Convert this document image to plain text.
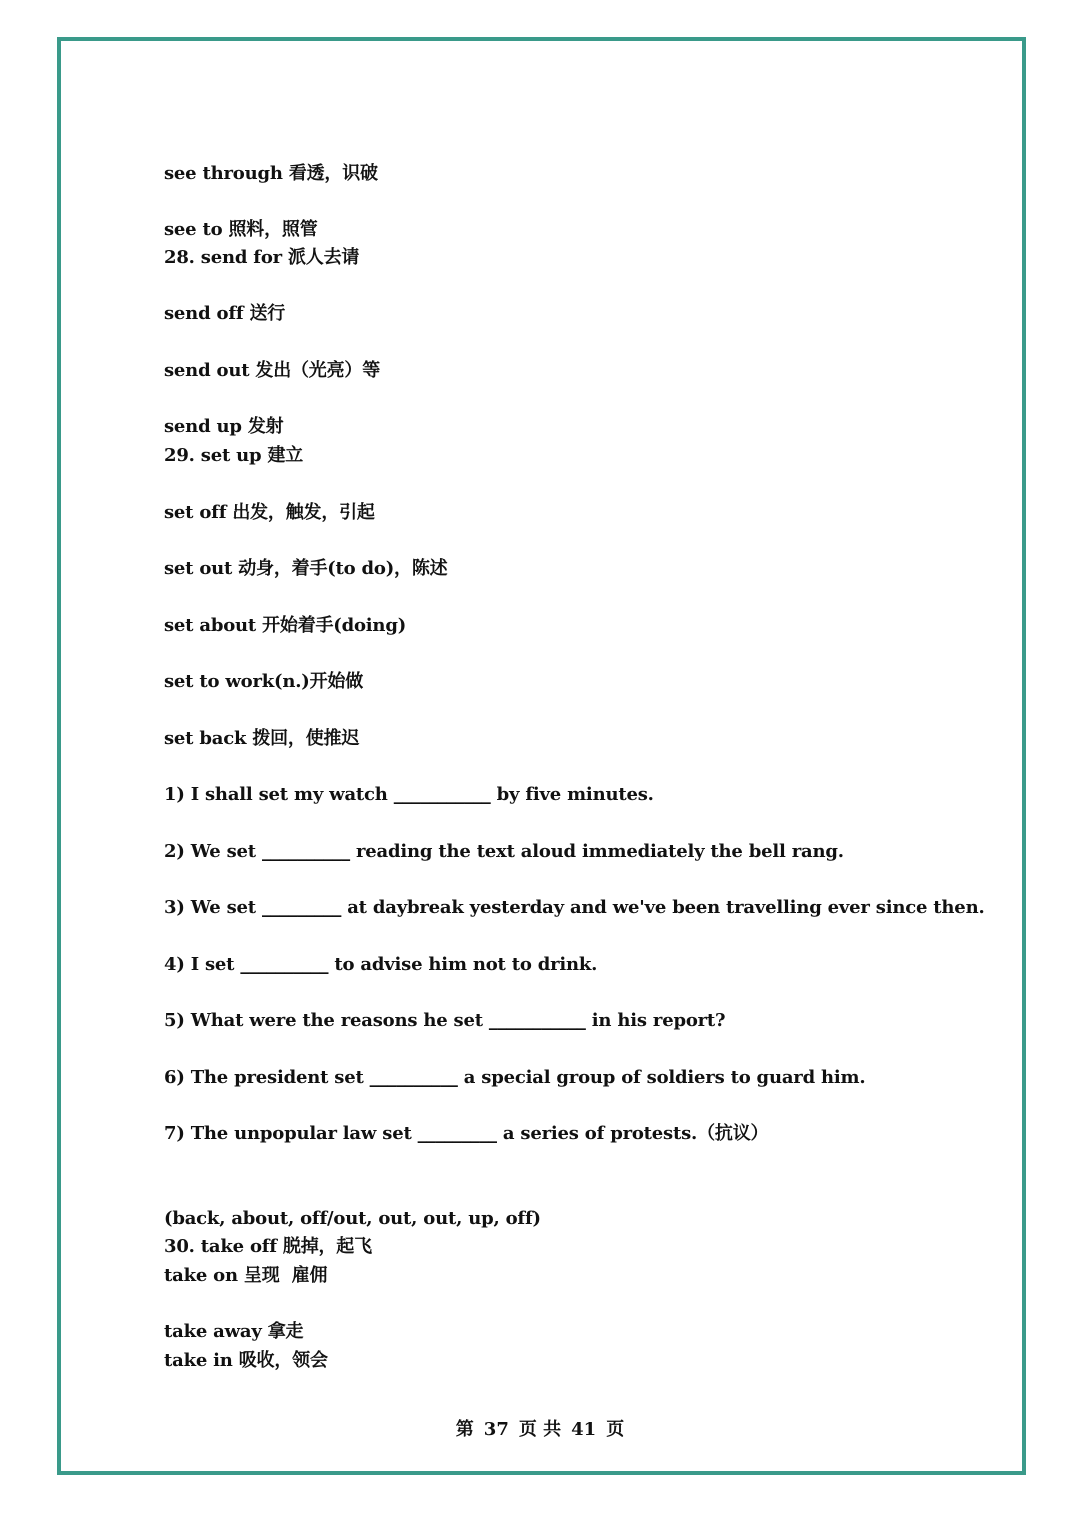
see through 看透，识破
see to 照料，照管
28. send for 派人去请
send off 送行
send out 发出（光亮）等
send up 发射
29. set up 建立
set off 出发，触发，引起
set out 动身，着手(to do)，陈述
set about 开始着手(doing)
set to work(n.)开始做
set back 拨回，使推迟
1) I shall set my watch ___________ by five minutes.
2) We set __________ reading the text aloud immediately the bell rang.
3) We set _________ at daybreak yesterday and we've been travelling ever since then.
4) I set __________ to advise him not to drink.
5) What were the reasons he set ___________ in his report?
6) The president set __________ a special group of soldiers to guard him.
7) The unpopular law set _________ a series of protests.（抗议）
(back, about, off/out, out, out, up, off)
30. take off 脱掉，起飞
take on 呈现  雇佣
take away 拿走
take in 吸收，领会
第 37 页 共 41 页
